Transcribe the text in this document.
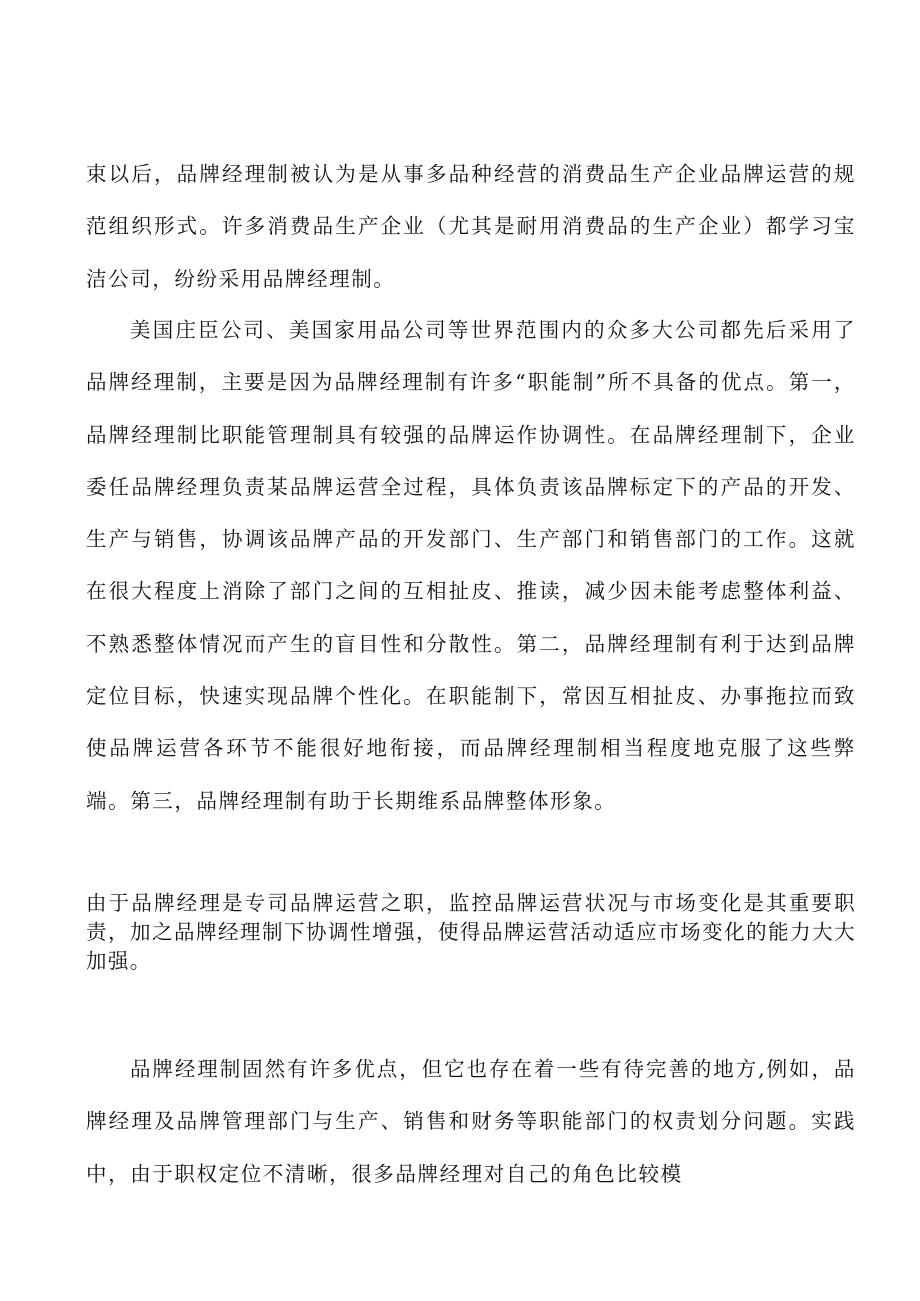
束以后，品牌经理制被认为是从事多品种经营的消费品生产企业品牌运营的规范组织形式。许多消费品生产企业（尤其是耐用消费品的生产企业）都学习宝洁公司，纷纷采用品牌经理制。

美国庄臣公司、美国家用品公司等世界范围内的众多大公司都先后采用了品牌经理制，主要是因为品牌经理制有许多“职能制”所不具备的优点。第一，品牌经理制比职能管理制具有较强的品牌运作协调性。在品牌经理制下，企业委任品牌经理负责某品牌运营全过程，具体负责该品牌标定下的产品的开发、生产与销售，协调该品牌产品的开发部门、生产部门和销售部门的工作。这就在很大程度上消除了部门之间的互相扯皮、推读，减少因未能考虑整体利益、不熟悉整体情况而产生的盲目性和分散性。第二，品牌经理制有利于达到品牌定位目标，快速实现品牌个性化。在职能制下，常因互相扯皮、办事拖拉而致使品牌运营各环节不能很好地衔接，而品牌经理制相当程度地克服了这些弊端。第三，品牌经理制有助于长期维系品牌整体形象。

由于品牌经理是专司品牌运营之职，监控品牌运营状况与市场变化是其重要职责，加之品牌经理制下协调性增强，使得品牌运营活动适应市场变化的能力大大加强。

品牌经理制固然有许多优点，但它也存在着一些有待完善的地方,例如，品牌经理及品牌管理部门与生产、销售和财务等职能部门的权责划分问题。实践中，由于职权定位不清晰，很多品牌经理对自己的角色比较模
